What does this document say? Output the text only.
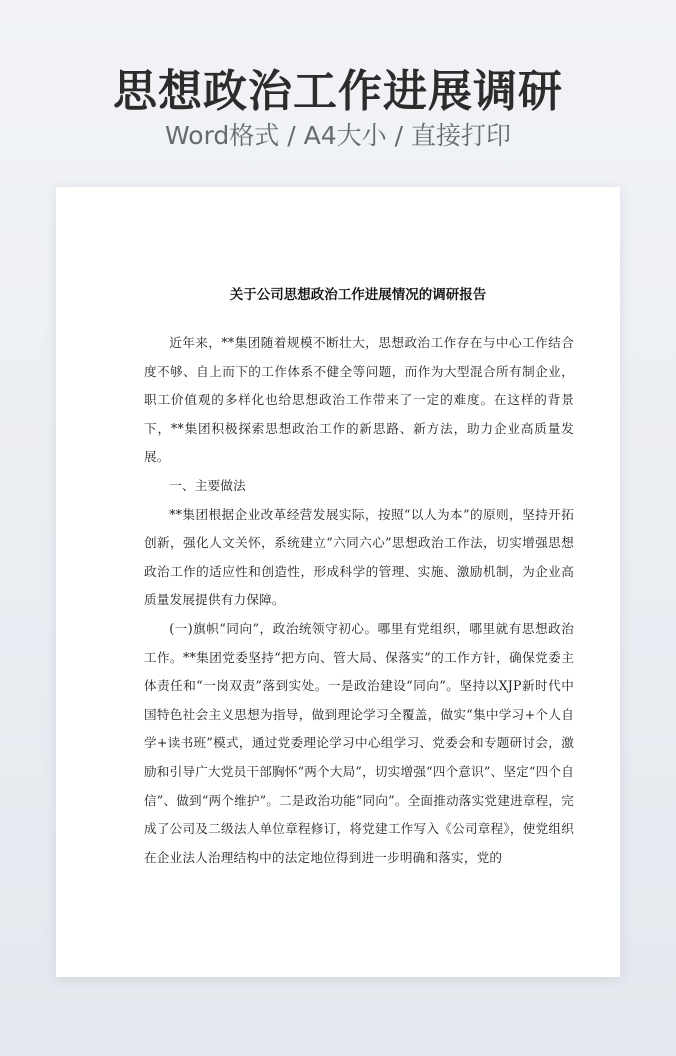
思想政治工作进展调研
Word格式 / A4大小 / 直接打印
关于公司思想政治工作进展情况的调研报告

近年来，**集团随着规模不断壮大，思想政治工作存在与中心工作结合度不够、自上而下的工作体系不健全等问题，而作为大型混合所有制企业，职工价值观的多样化也给思想政治工作带来了一定的难度。在这样的背景下，**集团积极探索思想政治工作的新思路、新方法，助力企业高质量发展。

一、主要做法

**集团根据企业改革经营发展实际，按照“以人为本”的原则，坚持开拓创新，强化人文关怀，系统建立“六同六心”思想政治工作法，切实增强思想政治工作的适应性和创造性，形成科学的管理、实施、激励机制，为企业高质量发展提供有力保障。

(一)旗帜“同向”，政治统领守初心。哪里有党组织，哪里就有思想政治工作。**集团党委坚持“把方向、管大局、保落实”的工作方针，确保党委主体责任和“一岗双责”落到实处。一是政治建设“同向”。坚持以XJP新时代中国特色社会主义思想为指导，做到理论学习全覆盖，做实“集中学习+个人自学+读书班”模式，通过党委理论学习中心组学习、党委会和专题研讨会，激励和引导广大党员干部胸怀“两个大局”，切实增强“四个意识”、坚定“四个自信”、做到“两个维护”。二是政治功能“同向”。全面推动落实党建进章程，完成了公司及二级法人单位章程修订，将党建工作写入《公司章程》，使党组织在企业法人治理结构中的法定地位得到进一步明确和落实，党的
